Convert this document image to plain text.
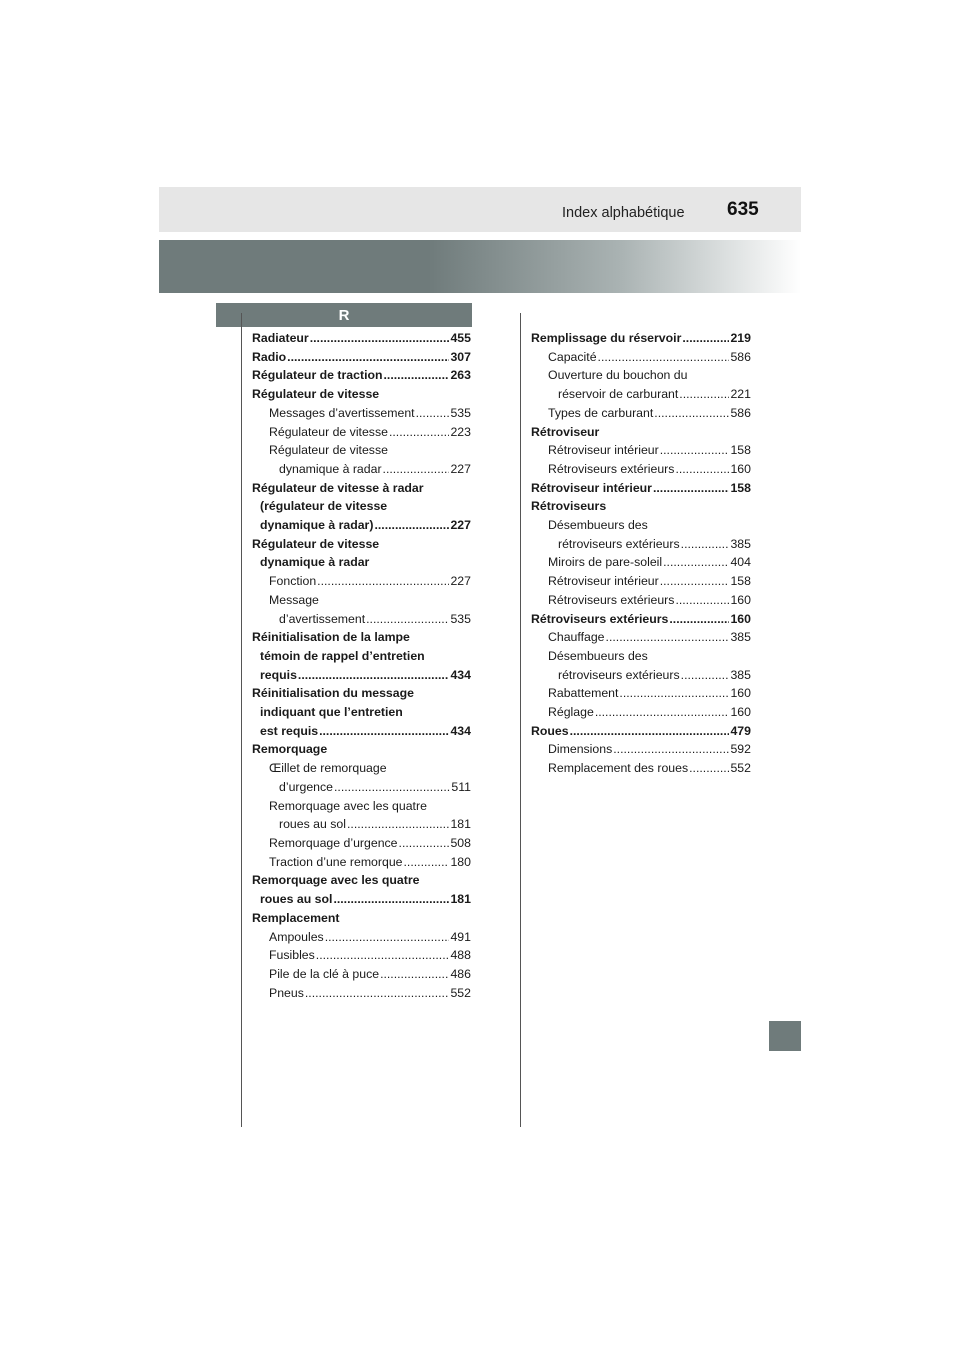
Index alphabétique 635
R
Radiateur .....	455
Radio .....	307
Régulateur de traction .....	263
Régulateur de vitesse
Messages d’avertissement .....	535
Régulateur de vitesse .....	223
Régulateur de vitesse
dynamique à radar .....	227
Régulateur de vitesse à radar
(régulateur de vitesse
dynamique à radar) .....	227
Régulateur de vitesse
dynamique à radar
Fonction .....	227
Message
d’avertissement .....	535
Réinitialisation de la lampe
témoin de rappel d’entretien
requis .....	434
Réinitialisation du message
indiquant que l’entretien
est requis .....	434
Remorquage
Œillet de remorquage
d’urgence .....	511
Remorquage avec les quatre
roues au sol .....	181
Remorquage d’urgence .....	508
Traction d’une remorque .....	180
Remorquage avec les quatre
roues au sol .....	181
Remplacement
Ampoules .....	491
Fusibles .....	488
Pile de la clé à puce .....	486
Pneus .....	552
Remplissage du réservoir .....	219
Capacité .....	586
Ouverture du bouchon du
réservoir de carburant .....	221
Types de carburant .....	586
Rétroviseur
Rétroviseur intérieur .....	158
Rétroviseurs extérieurs .....	160
Rétroviseur intérieur .....	158
Rétroviseurs
Désembueurs des
rétroviseurs extérieurs .....	385
Miroirs de pare-soleil .....	404
Rétroviseur intérieur .....	158
Rétroviseurs extérieurs .....	160
Rétroviseurs extérieurs .....	160
Chauffage .....	385
Désembueurs des
rétroviseurs extérieurs .....	385
Rabattement .....	160
Réglage .....	160
Roues .....	479
Dimensions .....	592
Remplacement des roues .....	552
